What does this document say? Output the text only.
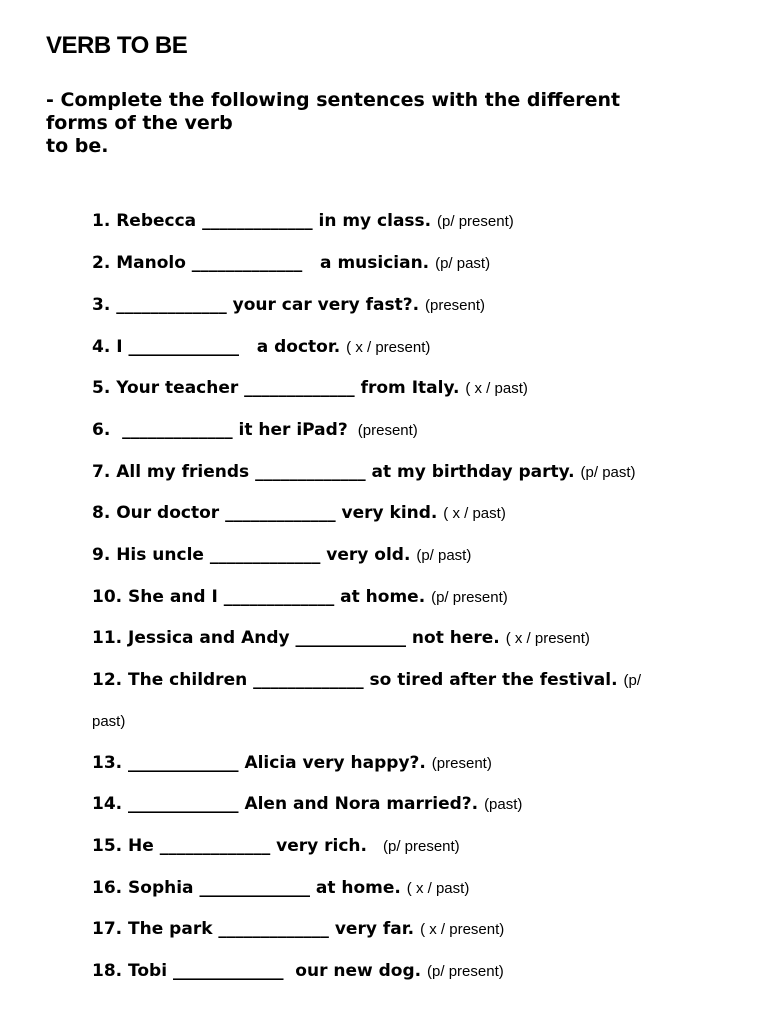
VERB TO BE
- Complete the following sentences with the different
forms of the verb
to be.
1. Rebecca _____________ in my class. (p/ present)
2. Manolo _____________   a musician. (p/ past)
3. _____________ your car very fast?. (present)
4. I _____________   a doctor. ( x / present)
5. Your teacher _____________ from Italy. ( x / past)
6.  _____________ it her iPad?  (present)
7. All my friends _____________ at my birthday party. (p/ past)
8. Our doctor _____________ very kind. ( x / past)
9. His uncle _____________ very old. (p/ past)
10. She and I _____________ at home. (p/ present)
11. Jessica and Andy _____________ not here. ( x / present)
12. The children _____________ so tired after the festival. (p/
past)
13. _____________ Alicia very happy?. (present)
14. _____________ Alen and Nora married?. (past)
15. He _____________ very rich.   (p/ present)
16. Sophia _____________ at home. ( x / past)
17. The park _____________ very far. ( x / present)
18. Tobi _____________  our new dog. (p/ present)
